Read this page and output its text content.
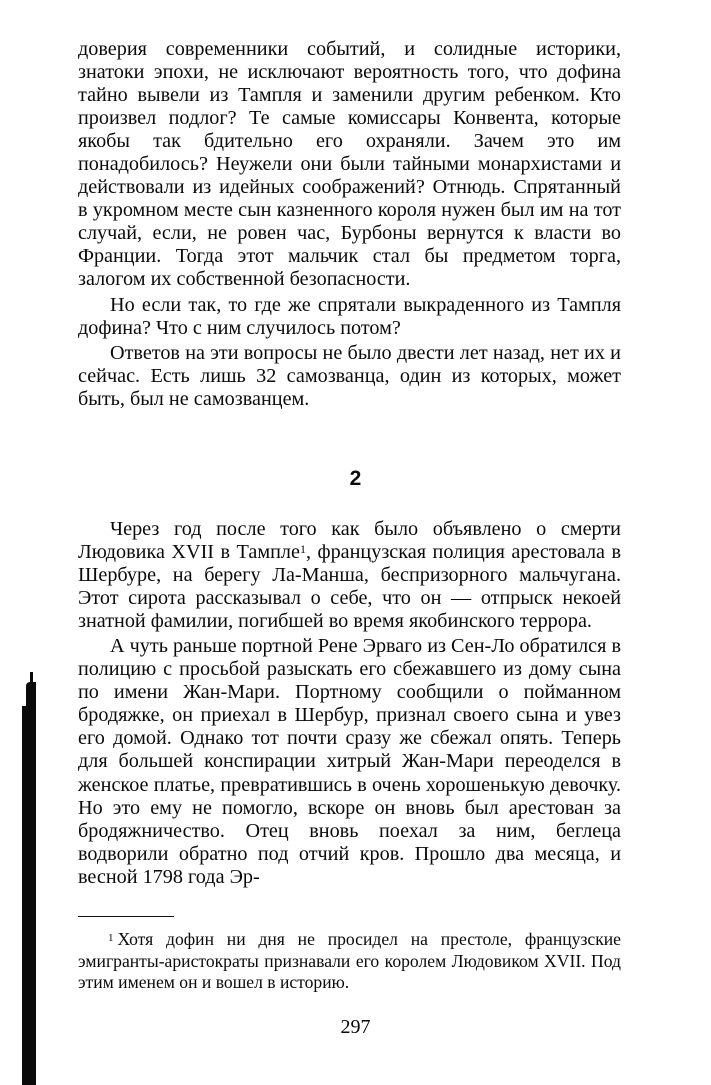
доверия современники событий, и солидные историки, знатоки эпохи, не исключают вероятность того, что дофина тайно вывели из Тампля и заменили другим ребенком. Кто произвел подлог? Те самые комиссары Конвента, которые якобы так бдительно его охраняли. Зачем это им понадобилось? Неужели они были тайными монархистами и действовали из идейных соображений? Отнюдь. Спрятанный в укромном месте сын казненного короля нужен был им на тот случай, если, не ровен час, Бурбоны вернутся к власти во Франции. Тогда этот мальчик стал бы предметом торга, залогом их собственной безопасности.

Но если так, то где же спрятали выкраденного из Тампля дофина? Что с ним случилось потом?

Ответов на эти вопросы не было двести лет назад, нет их и сейчас. Есть лишь 32 самозванца, один из которых, может быть, был не самозванцем.

2

Через год после того как было объявлено о смерти Людовика XVII в Тампле$^1$, французская полиция арестовала в Шербуре, на берегу Ла-Манша, беспризорного мальчугана. Этот сирота рассказывал о себе, что он — отпрыск некоей знатной фамилии, погибшей во время якобинского террора.

А чуть раньше портной Рене Эрваго из Сен-Ло обратился в полицию с просьбой разыскать его сбежавшего из дому сына по имени Жан-Мари. Портному сообщили о пойманном бродяжке, он приехал в Шербур, признал своего сына и увез его домой. Однако тот почти сразу же сбежал опять. Теперь для большей конспирации хитрый Жан-Мари переоделся в женское платье, превратившись в очень хорошенькую девочку. Но это ему не помогло, вскоре он вновь был арестован за бродяжничество. Отец вновь поехал за ним, беглеца водворили обратно под отчий кров. Прошло два месяца, и весной 1798 года Эр-

$^1$ Хотя дофин ни дня не просидел на престоле, французские эмигранты-аристократы признавали его королем Людовиком XVII. Под этим именем он и вошел в историю.

297
